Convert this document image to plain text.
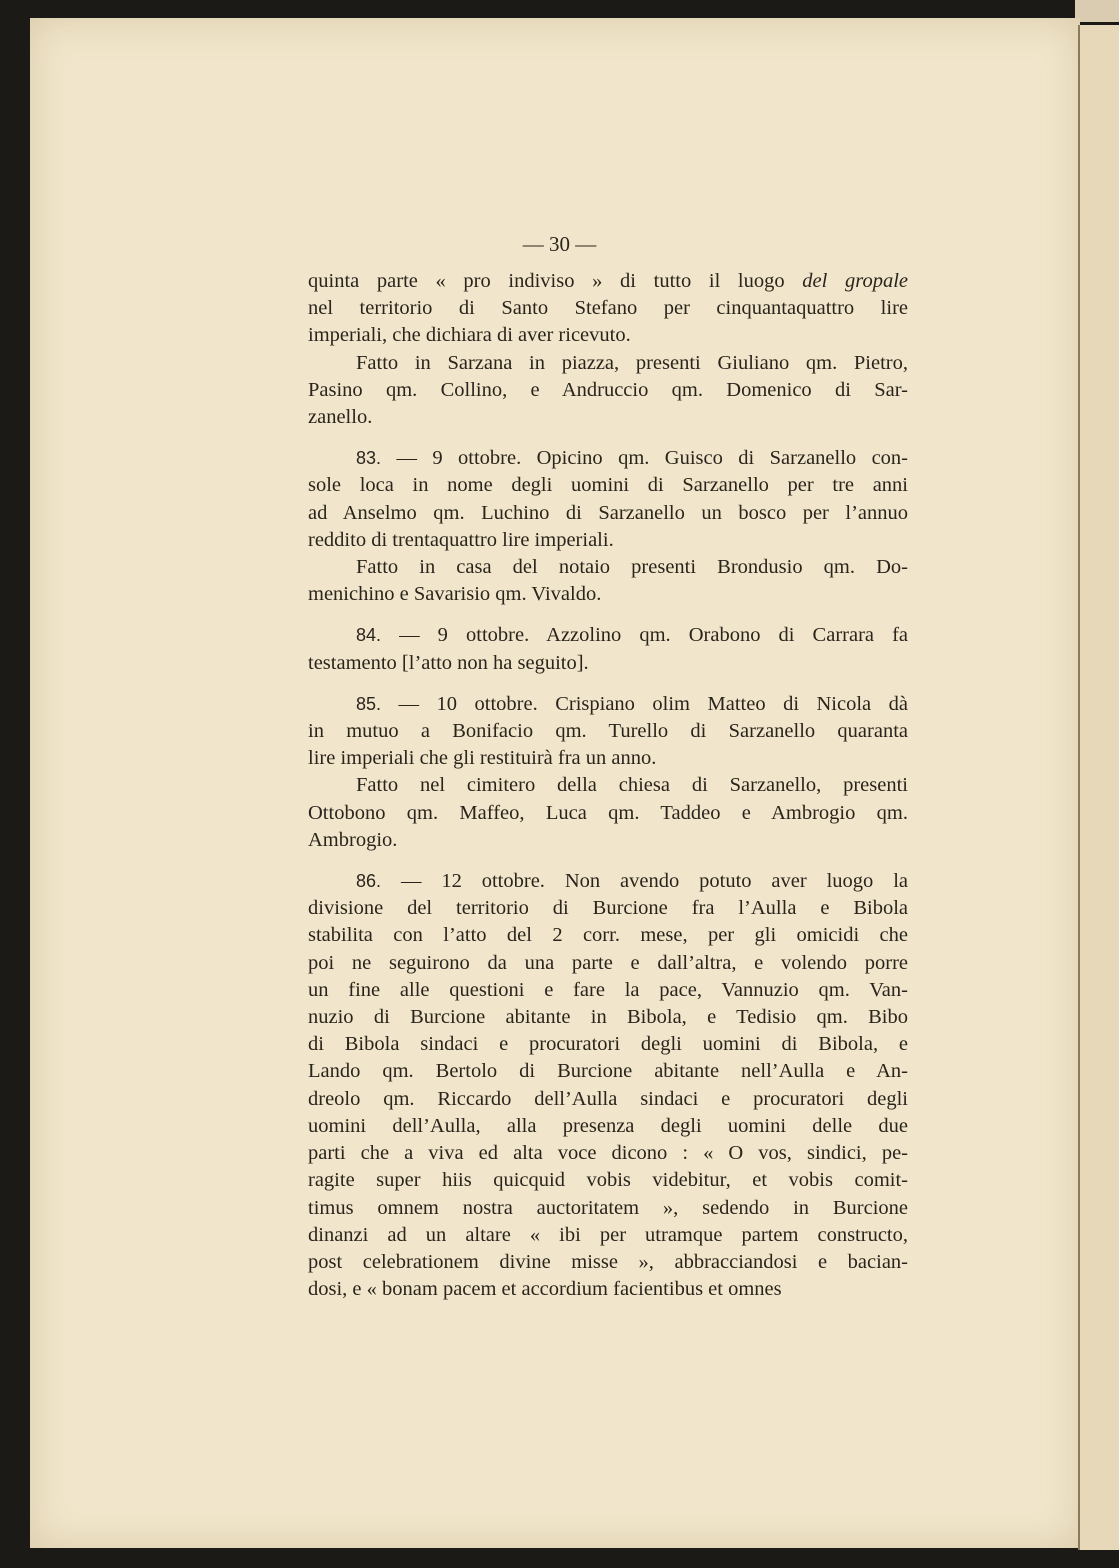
— 30 —
quinta parte « pro indiviso » di tutto il luogo del gropale
nel territorio di Santo Stefano per cinquantaquattro lire
imperiali, che dichiara di aver ricevuto.
Fatto in Sarzana in piazza, presenti Giuliano qm. Pietro,
Pasino qm. Collino, e Andruccio qm. Domenico di Sar-
zanello.
83. — 9 ottobre. Opicino qm. Guisco di Sarzanello con-
sole loca in nome degli uomini di Sarzanello per tre anni
ad Anselmo qm. Luchino di Sarzanello un bosco per l’annuo
reddito di trentaquattro lire imperiali.
Fatto in casa del notaio presenti Brondusio qm. Do-
menichino e Savarisio qm. Vivaldo.
84. — 9 ottobre. Azzolino qm. Orabono di Carrara fa
testamento [l’atto non ha seguito].
85. — 10 ottobre. Crispiano olim Matteo di Nicola dà
in mutuo a Bonifacio qm. Turello di Sarzanello quaranta
lire imperiali che gli restituirà fra un anno.
Fatto nel cimitero della chiesa di Sarzanello, presenti
Ottobono qm. Maffeo, Luca qm. Taddeo e Ambrogio qm.
Ambrogio.
86. — 12 ottobre. Non avendo potuto aver luogo la
divisione del territorio di Burcione fra l’Aulla e Bibola
stabilita con l’atto del 2 corr. mese, per gli omicidi che
poi ne seguirono da una parte e dall’altra, e volendo porre
un fine alle questioni e fare la pace, Vannuzio qm. Van-
nuzio di Burcione abitante in Bibola, e Tedisio qm. Bibo
di Bibola sindaci e procuratori degli uomini di Bibola, e
Lando qm. Bertolo di Burcione abitante nell’Aulla e An-
dreolo qm. Riccardo dell’Aulla sindaci e procuratori degli
uomini dell’Aulla, alla presenza degli uomini delle due
parti che a viva ed alta voce dicono : « O vos, sindici, pe-
ragite super hiis quicquid vobis videbitur, et vobis comit-
timus omnem nostra auctoritatem », sedendo in Burcione
dinanzi ad un altare « ibi per utramque partem constructo,
post celebrationem divine misse », abbracciandosi e bacian-
dosi, e « bonam pacem et accordium facientibus et omnes
